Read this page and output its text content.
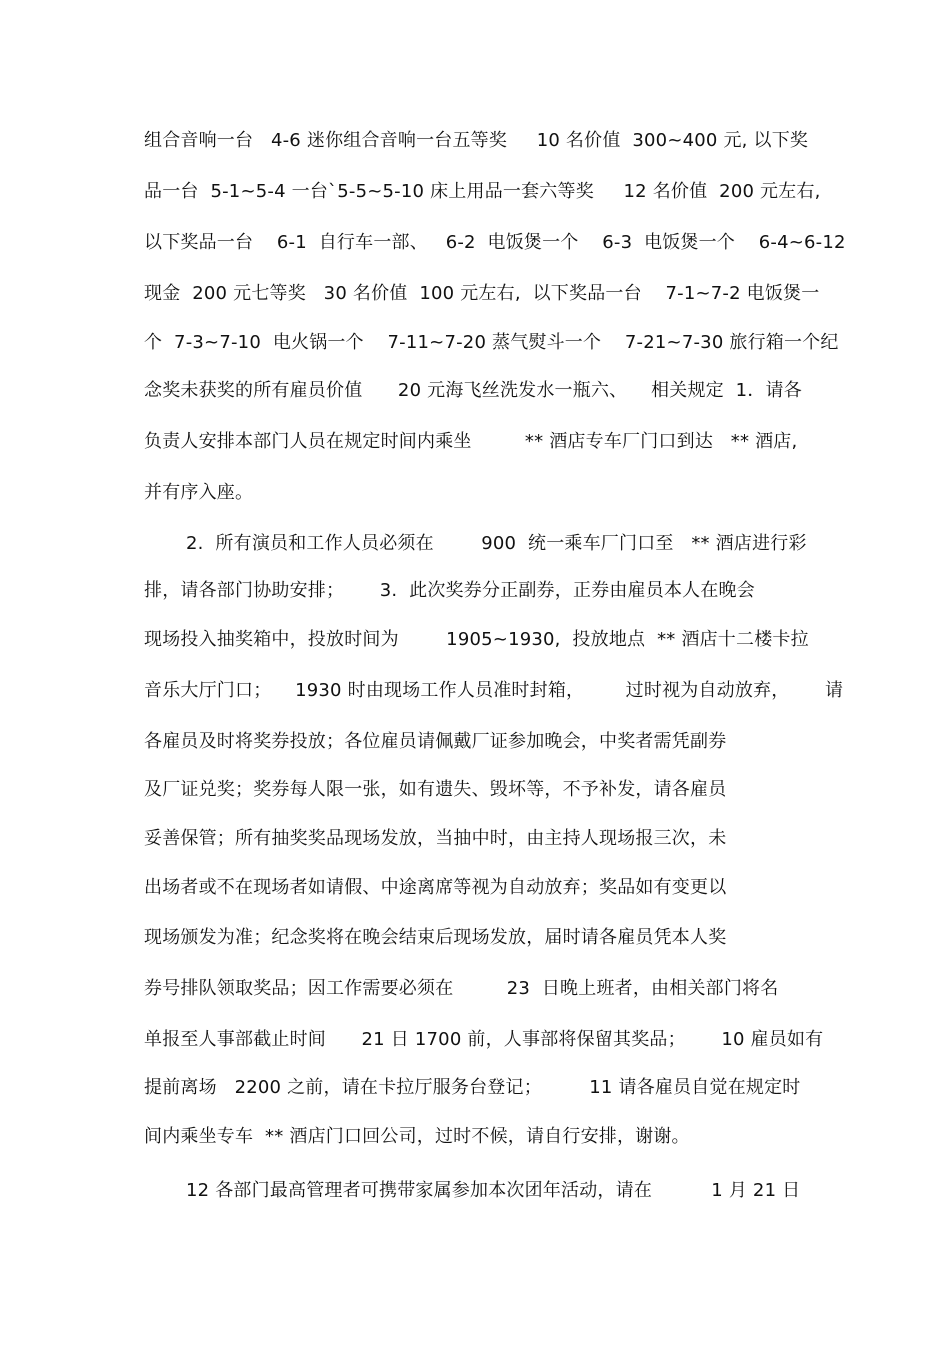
组合音响一台   4-6 迷你组合音响一台五等奖     10 名价值  300~400 元, 以下奖
品一台  5-1~5-4 一台`5-5~5-10 床上用品一套六等奖     12 名价值  200 元左右,
以下奖品一台    6-1  自行车一部、   6-2  电饭煲一个    6-3  电饭煲一个    6-4~6-12
现金  200 元七等奖   30 名价值  100 元左右,  以下奖品一台    7-1~7-2 电饭煲一
个  7-3~7-10  电火锅一个    7-11~7-20 蒸气熨斗一个    7-21~7-30 旅行箱一个纪
念奖未获奖的所有雇员价值      20 元海飞丝洗发水一瓶六、    相关规定  1．请各
负责人安排本部门人员在规定时间内乘坐         ** 酒店专车厂门口到达   ** 酒店,
并有序入座。
2.  所有演员和工作人员必须在        900  统一乘车厂门口至   ** 酒店进行彩
排，请各部门协助安排；      3.  此次奖券分正副券，正券由雇员本人在晚会
现场投入抽奖箱中，投放时间为        1905~1930,  投放地点  ** 酒店十二楼卡拉
音乐大厅门口；    1930 时由现场工作人员准时封箱，       过时视为自动放弃，      请
各雇员及时将奖券投放；各位雇员请佩戴厂证参加晚会，中奖者需凭副券
及厂证兑奖；奖券每人限一张，如有遗失、毁坏等，不予补发，请各雇员
妥善保管；所有抽奖奖品现场发放，当抽中时，由主持人现场报三次，未
出场者或不在现场者如请假、中途离席等视为自动放弃；奖品如有变更以
现场颁发为准；纪念奖将在晚会结束后现场发放，届时请各雇员凭本人奖
券号排队领取奖品；因工作需要必须在         23  日晚上班者，由相关部门将名
单报至人事部截止时间      21 日 1700 前，人事部将保留其奖品；      10 雇员如有
提前离场   2200 之前，请在卡拉厅服务台登记；        11 请各雇员自觉在规定时
间内乘坐专车  ** 酒店门口回公司，过时不候，请自行安排，谢谢。
12 各部门最高管理者可携带家属参加本次团年活动，请在          1 月 21 日
